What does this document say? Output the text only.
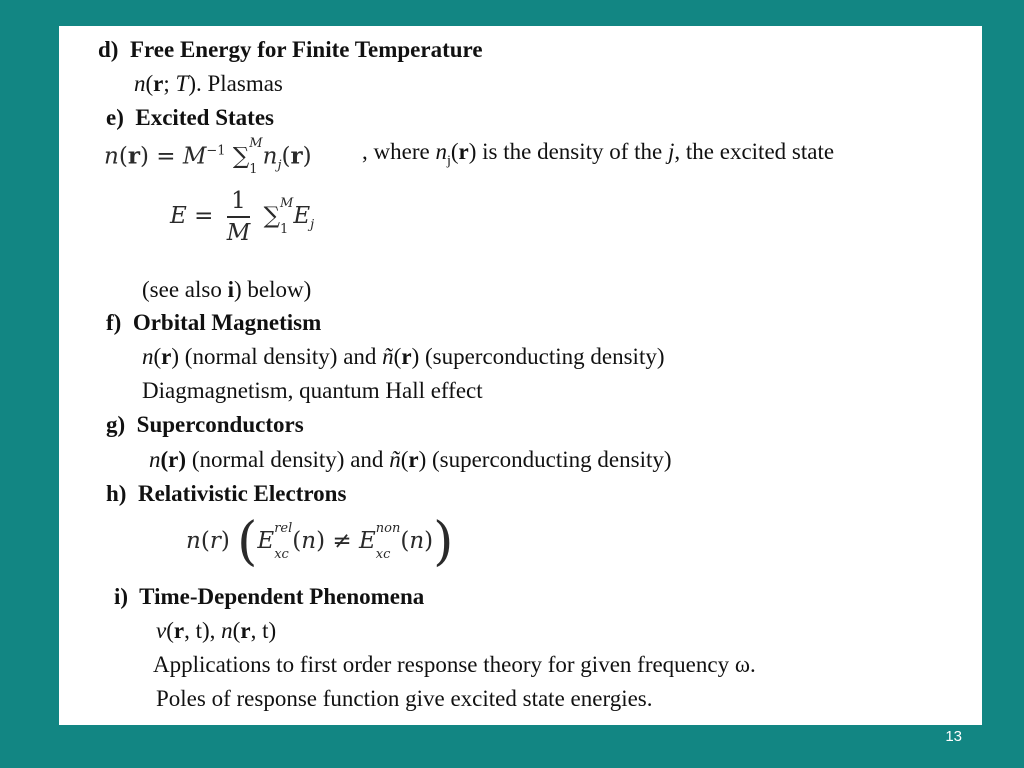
d) Free Energy for Finite Temperature
n(r; T). Plasmas
e) Excited States
$n(r) = M^{-1}$ ∑$^M$
$_1n_j(r)$ , where $n_j(r)$ is the density of the j, the excited state
$E = \frac{1}{M} \sum^M$
$_1E_j$
(see also i) below)
f) Orbital Magnetism
n(r) (normal density) and ñ(r) (superconducting density)
Diagmagnetism, quantum Hall effect
g) Superconductors
n(r) (normal density) and ñ(r) (superconducting density)
h) Relativistic Electrons
n(r) ($E^{rel}$
$_{xc}(n) \ne E^{non}$
$_{xc}$(n))
i) Time-Dependent Phenomena
v(r, t), n(r, t)
Applications to first order response theory for given frequency ω.
Poles of response function give excited state energies.
13
